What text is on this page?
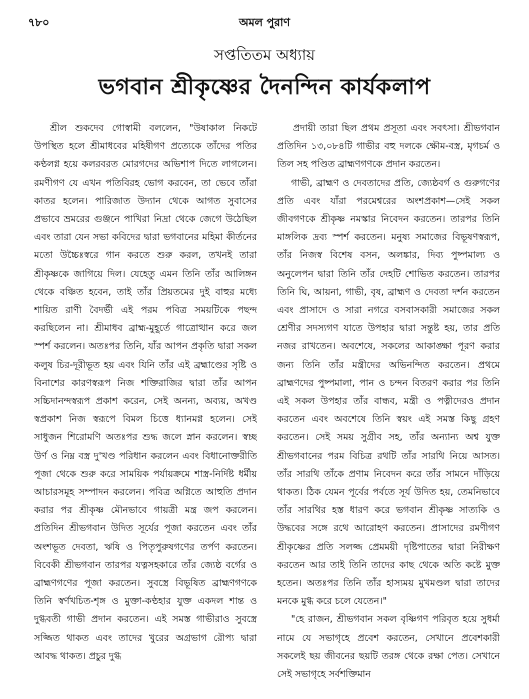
৭৮০	অমল পুরাণ
সপ্ততিতম অধ্যায়
ভগবান শ্রীকৃষ্ণের দৈনন্দিন কার্যকলাপ

শ্রীল শুকদেব গোস্বামী বললেন, "উষাকাল নিকটে উপস্থিত হলে শ্রীমাধবের মহিষীগণ প্রত্যেকে তাঁদের পতির কণ্ঠলগ্ন হয়ে কলরবরত মোরগদের অভিশাপ দিতে লাগলেন। রমণীগণ যে এখন পতিবিরহ ভোগ করবেন, তা ভেবে তাঁরা কাতর হলেন। পারিজাত উদ্যান থেকে আগত সুবাসের প্রভাবে ভ্রমরের গুঞ্জনে পাখিরা নিদ্রা থেকে জেগে উঠেছিল এবং তারা যেন সভা কবিদের দ্বারা ভগবানের মহিমা কীর্তনের মতো উচ্চৈঃস্বরে গান করতে শুরু করল, তখনই তারা শ্রীকৃষ্ণকে জাগিয়ে দিল। যেহেতু এমন তিনি তাঁর আলিঙ্গন থেকে বঞ্চিত হবেন, তাই তাঁর প্রিয়তমের দুই বাহুর মধ্যে শায়িত রাণী বৈদর্ভী এই পরম পবিত্র সময়টিকে পছন্দ করছিলেন না। শ্রীমাধব ব্রাহ্ম-মুহূর্তে গাত্রোত্থান করে জল স্পর্শ করলেন। অতঃপর তিনি, যাঁর আপন প্রকৃতি দ্বারা সকল কলুষ চির-দূরীভূত হয় এবং যিনি তাঁর এই ব্রহ্মাণ্ডের সৃষ্টি ও বিনাশের কারণস্বরূপ নিজ শক্তিরাজির দ্বারা তাঁর আপন সচ্চিদানন্দস্বরূপ প্রকাশ করেন, সেই অনন্য, অব্যয়, অখণ্ড স্বপ্রকাশ নিজ স্বরূপে বিমল চিত্তে ধ্যানমগ্ন হলেন। সেই সাধুজন শিরোমণি অতঃপর শুদ্ধ জলে স্নান করলেন। স্বচ্ছ উর্ণ ও নিম্ন বস্ত্র দু'খণ্ড পরিধান করলেন এবং বিধানোক্তরীতি পূজা থেকে শুরু করে সাময়িক পর্যায়ক্রমে শাস্ত্র-নির্দিষ্ট ধর্মীয় আচারসমূহ সম্পাদন করলেন। পবিত্র অগ্নিতে আহুতি প্রদান করার পর শ্রীকৃষ্ণ মৌনভাবে গায়ত্রী মন্ত্র জপ করলেন। প্রতিদিন শ্রীভগবান উদিত সূর্যের পূজা করতেন এবং তাঁর অংশভূত দেবতা, ঋষি ও পিতৃপুরুষগণের তর্পণ করতেন। বিবেকী শ্রীভগবান তারপর যত্নসহকারে তাঁর জ্যেষ্ঠ বর্গের ও ব্রাহ্মণগণের পূজা করতেন। সুবস্ত্রে বিভূষিত ব্রাহ্মণগণকে তিনি স্বর্ণখচিত-শৃঙ্গ ও মুক্তা-কণ্ঠহার যুক্ত একদল শান্ত ও দুগ্ধবতী গাভী প্রদান করতেন। এই সমস্ত গাভীরাও সুবস্ত্রে সজ্জিত থাকত এবং তাদের খুরের অগ্রভাগ রৌপ্য দ্বারা আবদ্ধ থাকত। প্রচুর দুগ্ধ

প্রদায়ী তারা ছিল প্রথম প্রসূতা এবং সবৎসা। শ্রীভগবান প্রতিদিন ১৩,০৮৪টি গাভীর বহু দলকে ক্ষৌম-বস্ত্র, মৃগচর্ম ও তিল সহ পণ্ডিত ব্রাহ্মণগণকে প্রদান করতেন।

গাভী, ব্রাহ্মণ ও দেবতাদের প্রতি, জ্যেষ্ঠবর্গ ও গুরুগণের প্রতি এবং যাঁরা পরমেশ্বরের অংশপ্রকাশ—সেই সকল জীবগণকে শ্রীকৃষ্ণ নমস্কার নিবেদন করতেন। তারপর তিনি মাঙ্গলিক দ্রব্য স্পর্শ করতেন। মনুষ্য সমাজের বিভূষণস্বরূপ, তাঁর নিজস্ব বিশেষ বসন, অলঙ্কার, দিব্য পুষ্পমাল্য ও অনুলেপন দ্বারা তিনি তাঁর দেহটি শোভিত করতেন। তারপর তিনি ঘি, আয়না, গাভী, বৃষ, ব্রাহ্মণ ও দেবতা দর্শন করতেন এবং প্রাসাদে ও সারা নগরে বসবাসকারী সমাজের সকল শ্রেণীর সদস্যগণ যাতে উপহার দ্বারা সন্তুষ্ট হয়, তার প্রতি নজর রাখতেন। অবশেষে, সকলের আকাঙ্ক্ষা পূরণ করার জন্য তিনি তাঁর মন্ত্রীদের অভিনন্দিত করতেন। প্রথমে ব্রাহ্মণদের পুষ্পমালা, পান ও চন্দন বিতরণ করার পর তিনি এই সকল উপহার তাঁর বান্ধব, মন্ত্রী ও পত্নীদেরও প্রদান করতেন এবং অবশেষে তিনি স্বয়ং এই সমস্ত কিছু গ্রহণ করতেন। সেই সময় সুগ্রীব সহ, তাঁর অন্যান্য অশ্ব যুক্ত শ্রীভগবানের পরম বিচিত্র রথটি তাঁর সারথি নিয়ে আসত। তাঁর সারথি তাঁকে প্রণাম নিবেদন করে তাঁর সামনে দাঁড়িয়ে থাকত। ঠিক যেমন পূর্বের পর্বতে সূর্য উদিত হয়, তেমনিভাবে তাঁর সারথির হস্ত ধারণ করে ভগবান শ্রীকৃষ্ণ সাত্যকি ও উদ্ধবের সঙ্গে রথে আরোহণ করতেন। প্রাসাদের রমণীগণ শ্রীকৃষ্ণের প্রতি সলজ্জ প্রেমময়ী দৃষ্টিপাতের দ্বারা নিরীক্ষণ করতেন আর তাই তিনি তাদের কাছ থেকে অতি কষ্টে মুক্ত হতেন। অতঃপর তিনি তাঁর হাস্যময় মুখমণ্ডল দ্বারা তাদের মনকে মুগ্ধ করে চলে যেতেন।"

"হে রাজন, শ্রীভগবান সকল বৃষ্ণিগণ পরিবৃত হয়ে সুধর্মা নামে যে সভাগৃহে প্রবেশ করতেন, সেখানে প্রবেশকারী সকলেই ছয় জীবনের ছয়টি তরঙ্গ থেকে রক্ষা পেত। সেখানে সেই সভাগৃহে সর্বশক্তিমান
